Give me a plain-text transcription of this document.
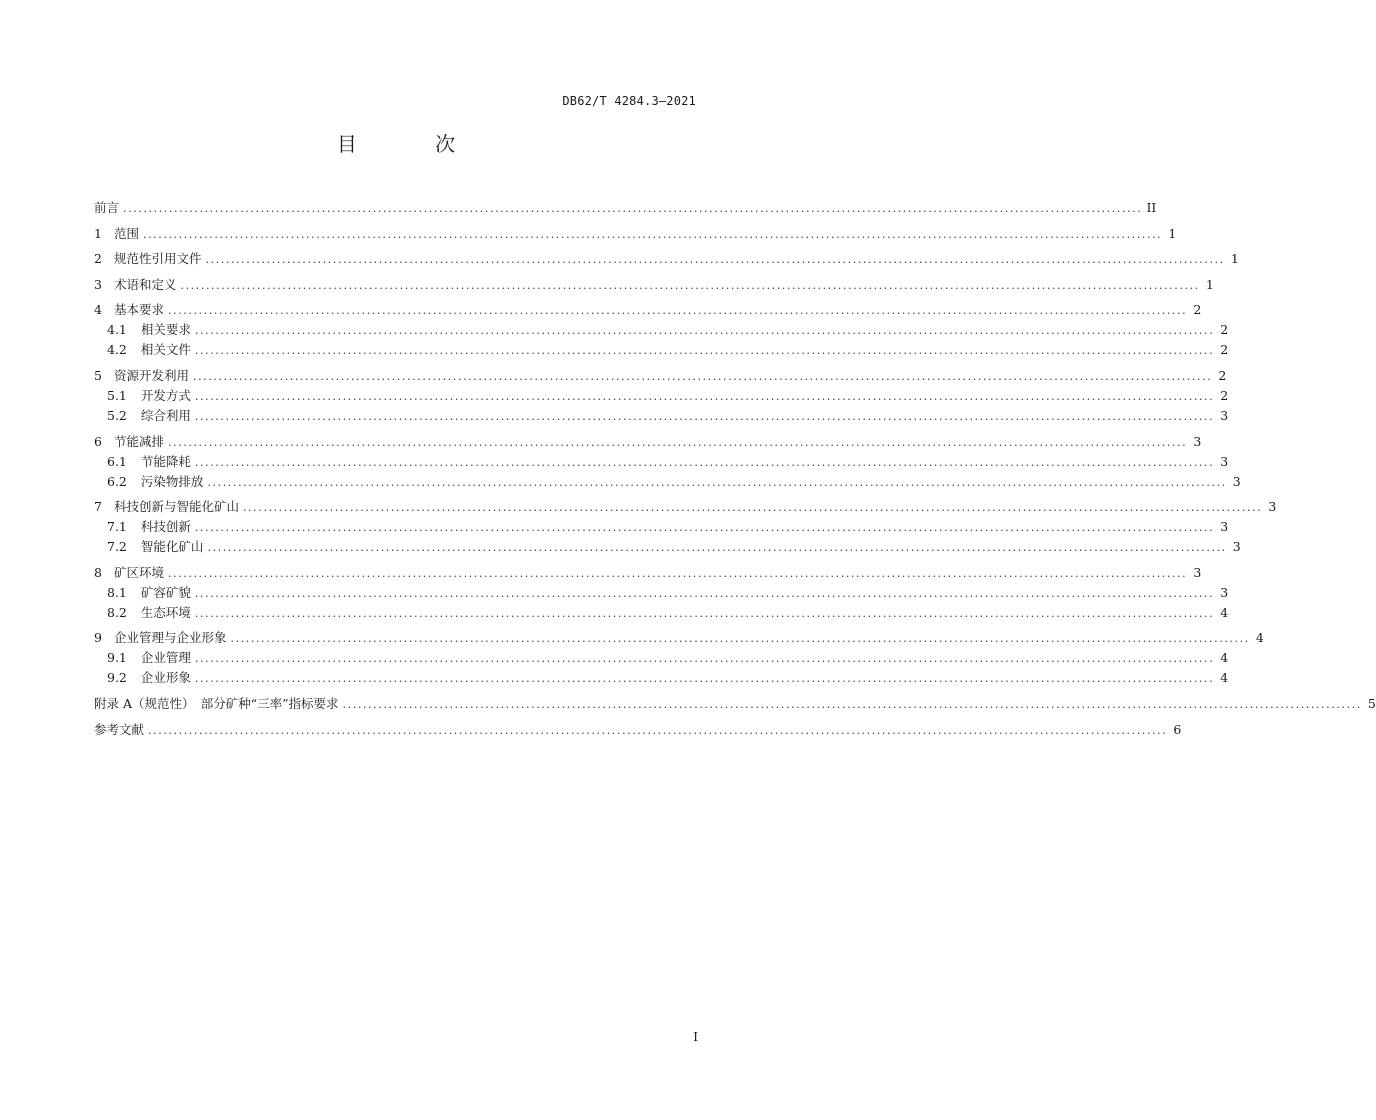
DB62/T 4284.3—2021
目 次
前言 ........................................................................................................................................................................................................ II
1 范围 ........................................................................................................................................................................................................ 1
2 规范性引用文件 ........................................................................................................................................................................................................ 1
3 术语和定义 ........................................................................................................................................................................................................ 1
4 基本要求 ........................................................................................................................................................................................................ 2
4.1 相关要求 ........................................................................................................................................................................................................ 2
4.2 相关文件 ........................................................................................................................................................................................................ 2
5 资源开发利用 ........................................................................................................................................................................................................ 2
5.1 开发方式 ........................................................................................................................................................................................................ 2
5.2 综合利用 ........................................................................................................................................................................................................ 3
6 节能减排 ........................................................................................................................................................................................................ 3
6.1 节能降耗 ........................................................................................................................................................................................................ 3
6.2 污染物排放 ........................................................................................................................................................................................................ 3
7 科技创新与智能化矿山 ........................................................................................................................................................................................................ 3
7.1 科技创新 ........................................................................................................................................................................................................ 3
7.2 智能化矿山 ........................................................................................................................................................................................................ 3
8 矿区环境 ........................................................................................................................................................................................................ 3
8.1 矿容矿貌 ........................................................................................................................................................................................................ 3
8.2 生态环境 ........................................................................................................................................................................................................ 4
9 企业管理与企业形象 ........................................................................................................................................................................................................ 4
9.1 企业管理 ........................................................................................................................................................................................................ 4
9.2 企业形象 ........................................................................................................................................................................................................ 4
附录 A（规范性）　部分矿种“三率”指标要求 ........................................................................................................................................................................................................ 5
参考文献 ........................................................................................................................................................................................................ 6
I
